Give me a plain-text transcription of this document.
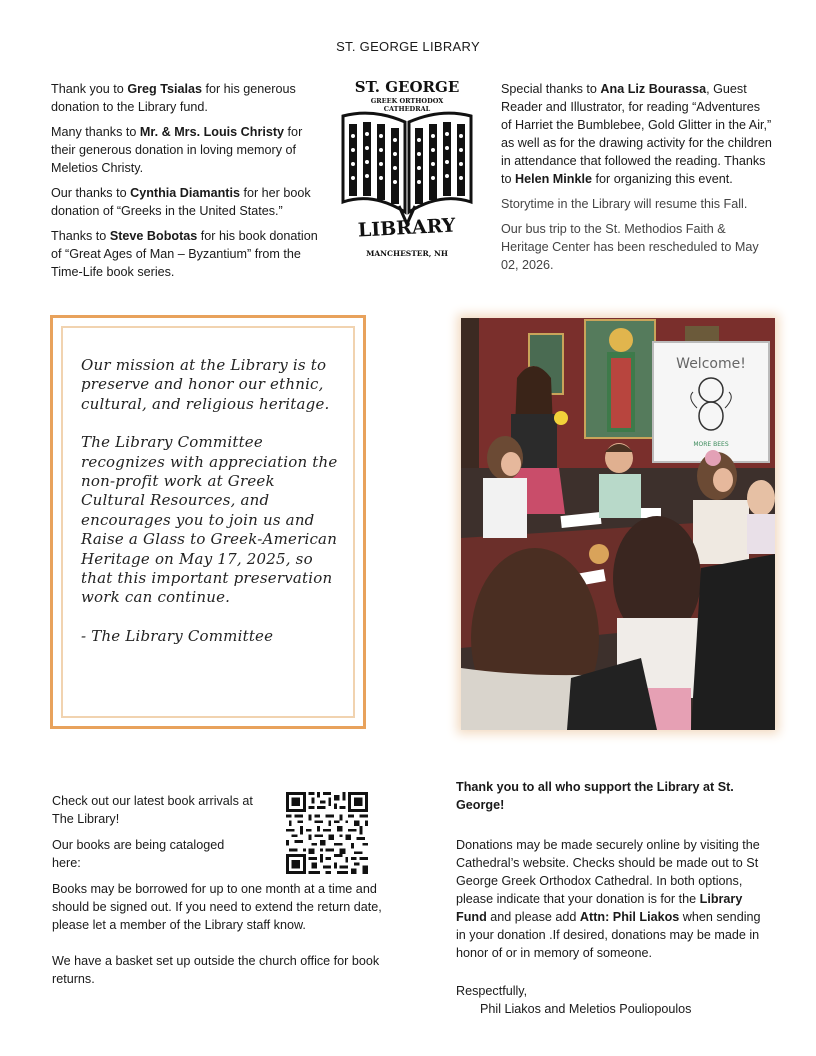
ST. GEORGE LIBRARY

Thank you to Greg Tsialas for his generous donation to the Library fund.

Many thanks to Mr. & Mrs. Louis Christy for their generous donation in loving memory of Meletios Christy.

Our thanks to Cynthia Diamantis for her book donation of “Greeks in the United States.”

Thanks to Steve Bobotas for his book donation of “Great Ages of Man – Byzantium” from the Time-Life book series.

ST. GEORGE
GREEK ORTHODOX
CATHEDRAL
LIBRARY
MANCHESTER, NH

Special thanks to Ana Liz Bourassa, Guest Reader and Illustrator, for reading “Adventures of Harriet the Bumblebee, Gold Glitter in the Air,” as well as for the drawing activity for the children in attendance that followed the reading. Thanks to Helen Minkle for organizing this event.

Storytime in the Library will resume this Fall.

Our bus trip to the St. Methodios Faith & Heritage Center has been rescheduled to May 02, 2026.

Our mission at the Library is to preserve and honor our ethnic, cultural, and religious heritage.

The Library Committee recognizes with appreciation the non-profit work at Greek Cultural Resources, and encourages you to join us and Raise a Glass to Greek-American Heritage on May 17, 2025, so that this important preservation work can continue.

- The Library Committee

Welcome!
MORE BEES

Check out our latest book arrivals at The Library!

Our books are being cataloged here:

Books may be borrowed for up to one month at a time and should be signed out. If you need to extend the return date, please let a member of the Library staff know.

We have a basket set up outside the church office for book returns.

Thank you to all who support the Library at St. George!

Donations may be made securely online by visiting the Cathedral’s website. Checks should be made out to St George Greek Orthodox Cathedral. In both options, please indicate that your donation is for the Library Fund and please add Attn: Phil Liakos when sending in your donation .If desired, donations may be made in honor of or in memory of someone.

Respectfully,

Phil Liakos and Meletios Pouliopoulos
